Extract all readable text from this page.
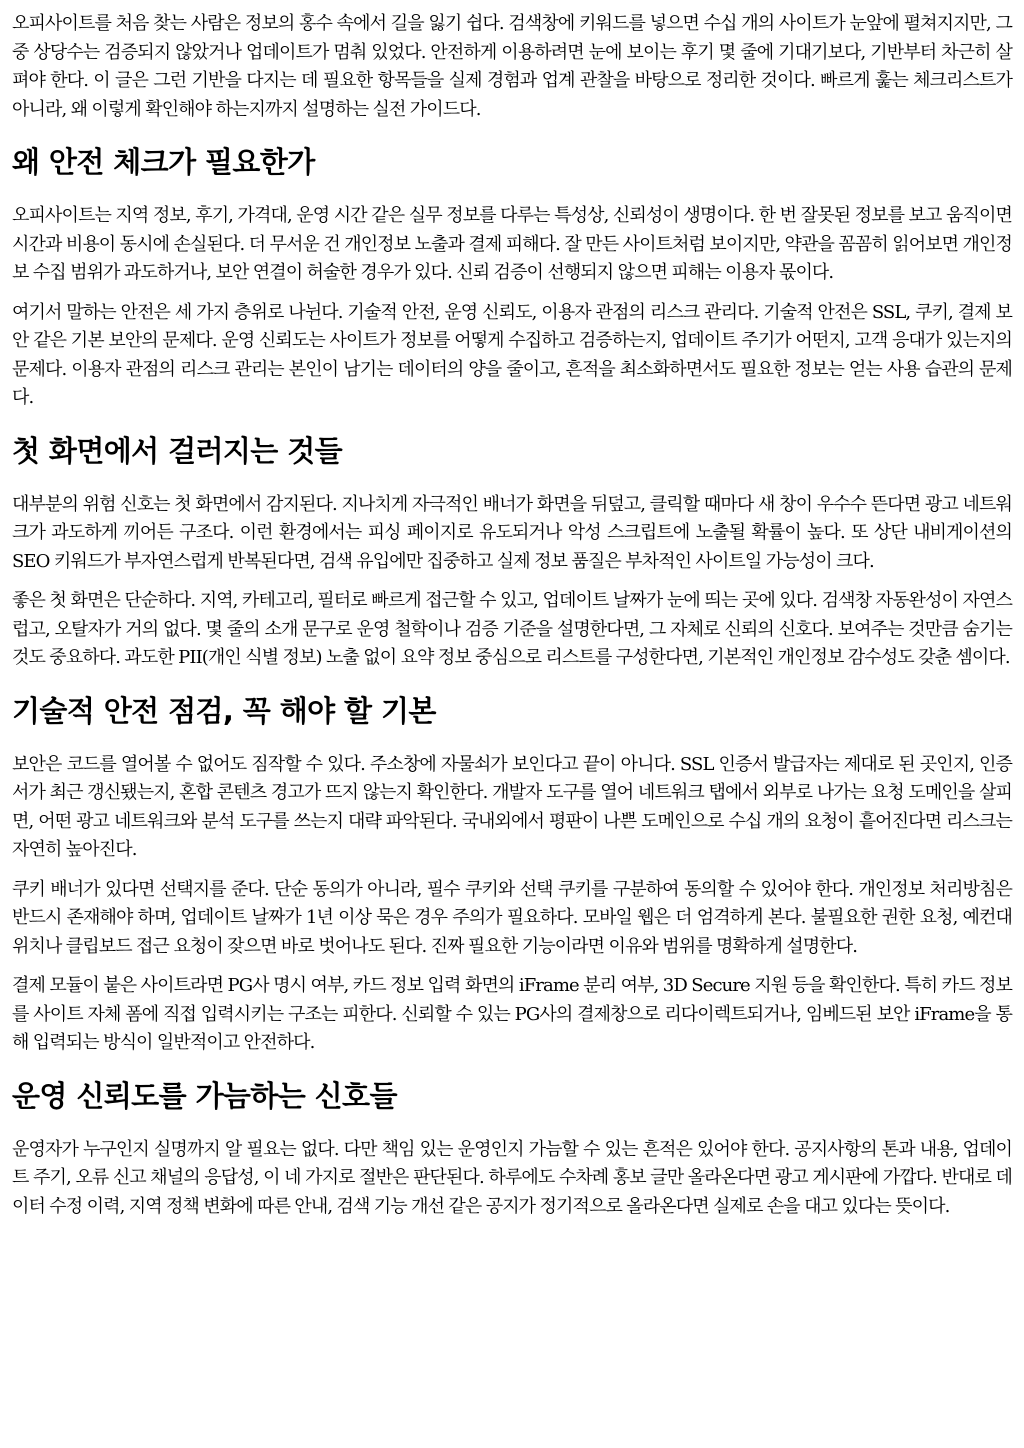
오피사이트를 처음 찾는 사람은 정보의 홍수 속에서 길을 잃기 쉽다. 검색창에 키워드를 넣으면 수십 개의 사이트가 눈앞에 펼쳐지지만, 그중 상당수는 검증되지 않았거나 업데이트가 멈춰 있었다. 안전하게 이용하려면 눈에 보이는 후기 몇 줄에 기대기보다, 기반부터 차근히 살펴야 한다. 이 글은 그런 기반을 다지는 데 필요한 항목들을 실제 경험과 업계 관찰을 바탕으로 정리한 것이다. 빠르게 훑는 체크리스트가 아니라, 왜 이렇게 확인해야 하는지까지 설명하는 실전 가이드다.

왜 안전 체크가 필요한가

오피사이트는 지역 정보, 후기, 가격대, 운영 시간 같은 실무 정보를 다루는 특성상, 신뢰성이 생명이다. 한 번 잘못된 정보를 보고 움직이면 시간과 비용이 동시에 손실된다. 더 무서운 건 개인정보 노출과 결제 피해다. 잘 만든 사이트처럼 보이지만, 약관을 꼼꼼히 읽어보면 개인정보 수집 범위가 과도하거나, 보안 연결이 허술한 경우가 있다. 신뢰 검증이 선행되지 않으면 피해는 이용자 몫이다.

여기서 말하는 안전은 세 가지 층위로 나뉜다. 기술적 안전, 운영 신뢰도, 이용자 관점의 리스크 관리다. 기술적 안전은 SSL, 쿠키, 결제 보안 같은 기본 보안의 문제다. 운영 신뢰도는 사이트가 정보를 어떻게 수집하고 검증하는지, 업데이트 주기가 어떤지, 고객 응대가 있는지의 문제다. 이용자 관점의 리스크 관리는 본인이 남기는 데이터의 양을 줄이고, 흔적을 최소화하면서도 필요한 정보는 얻는 사용 습관의 문제다.

첫 화면에서 걸러지는 것들

대부분의 위험 신호는 첫 화면에서 감지된다. 지나치게 자극적인 배너가 화면을 뒤덮고, 클릭할 때마다 새 창이 우수수 뜬다면 광고 네트워크가 과도하게 끼어든 구조다. 이런 환경에서는 피싱 페이지로 유도되거나 악성 스크립트에 노출될 확률이 높다. 또 상단 내비게이션의 SEO 키워드가 부자연스럽게 반복된다면, 검색 유입에만 집중하고 실제 정보 품질은 부차적인 사이트일 가능성이 크다.

좋은 첫 화면은 단순하다. 지역, 카테고리, 필터로 빠르게 접근할 수 있고, 업데이트 날짜가 눈에 띄는 곳에 있다. 검색창 자동완성이 자연스럽고, 오탈자가 거의 없다. 몇 줄의 소개 문구로 운영 철학이나 검증 기준을 설명한다면, 그 자체로 신뢰의 신호다. 보여주는 것만큼 숨기는 것도 중요하다. 과도한 PII(개인 식별 정보) 노출 없이 요약 정보 중심으로 리스트를 구성한다면, 기본적인 개인정보 감수성도 갖춘 셈이다.

기술적 안전 점검, 꼭 해야 할 기본

보안은 코드를 열어볼 수 없어도 짐작할 수 있다. 주소창에 자물쇠가 보인다고 끝이 아니다. SSL 인증서 발급자는 제대로 된 곳인지, 인증서가 최근 갱신됐는지, 혼합 콘텐츠 경고가 뜨지 않는지 확인한다. 개발자 도구를 열어 네트워크 탭에서 외부로 나가는 요청 도메인을 살피면, 어떤 광고 네트워크와 분석 도구를 쓰는지 대략 파악된다. 국내외에서 평판이 나쁜 도메인으로 수십 개의 요청이 흩어진다면 리스크는 자연히 높아진다.

쿠키 배너가 있다면 선택지를 준다. 단순 동의가 아니라, 필수 쿠키와 선택 쿠키를 구분하여 동의할 수 있어야 한다. 개인정보 처리방침은 반드시 존재해야 하며, 업데이트 날짜가 1년 이상 묵은 경우 주의가 필요하다. 모바일 웹은 더 엄격하게 본다. 불필요한 권한 요청, 예컨대 위치나 클립보드 접근 요청이 잦으면 바로 벗어나도 된다. 진짜 필요한 기능이라면 이유와 범위를 명확하게 설명한다.

결제 모듈이 붙은 사이트라면 PG사 명시 여부, 카드 정보 입력 화면의 iFrame 분리 여부, 3D Secure 지원 등을 확인한다. 특히 카드 정보를 사이트 자체 폼에 직접 입력시키는 구조는 피한다. 신뢰할 수 있는 PG사의 결제창으로 리다이렉트되거나, 임베드된 보안 iFrame을 통해 입력되는 방식이 일반적이고 안전하다.

운영 신뢰도를 가늠하는 신호들

운영자가 누구인지 실명까지 알 필요는 없다. 다만 책임 있는 운영인지 가늠할 수 있는 흔적은 있어야 한다. 공지사항의 톤과 내용, 업데이트 주기, 오류 신고 채널의 응답성, 이 네 가지로 절반은 판단된다. 하루에도 수차례 홍보 글만 올라온다면 광고 게시판에 가깝다. 반대로 데이터 수정 이력, 지역 정책 변화에 따른 안내, 검색 기능 개선 같은 공지가 정기적으로 올라온다면 실제로 손을 대고 있다는 뜻이다.
